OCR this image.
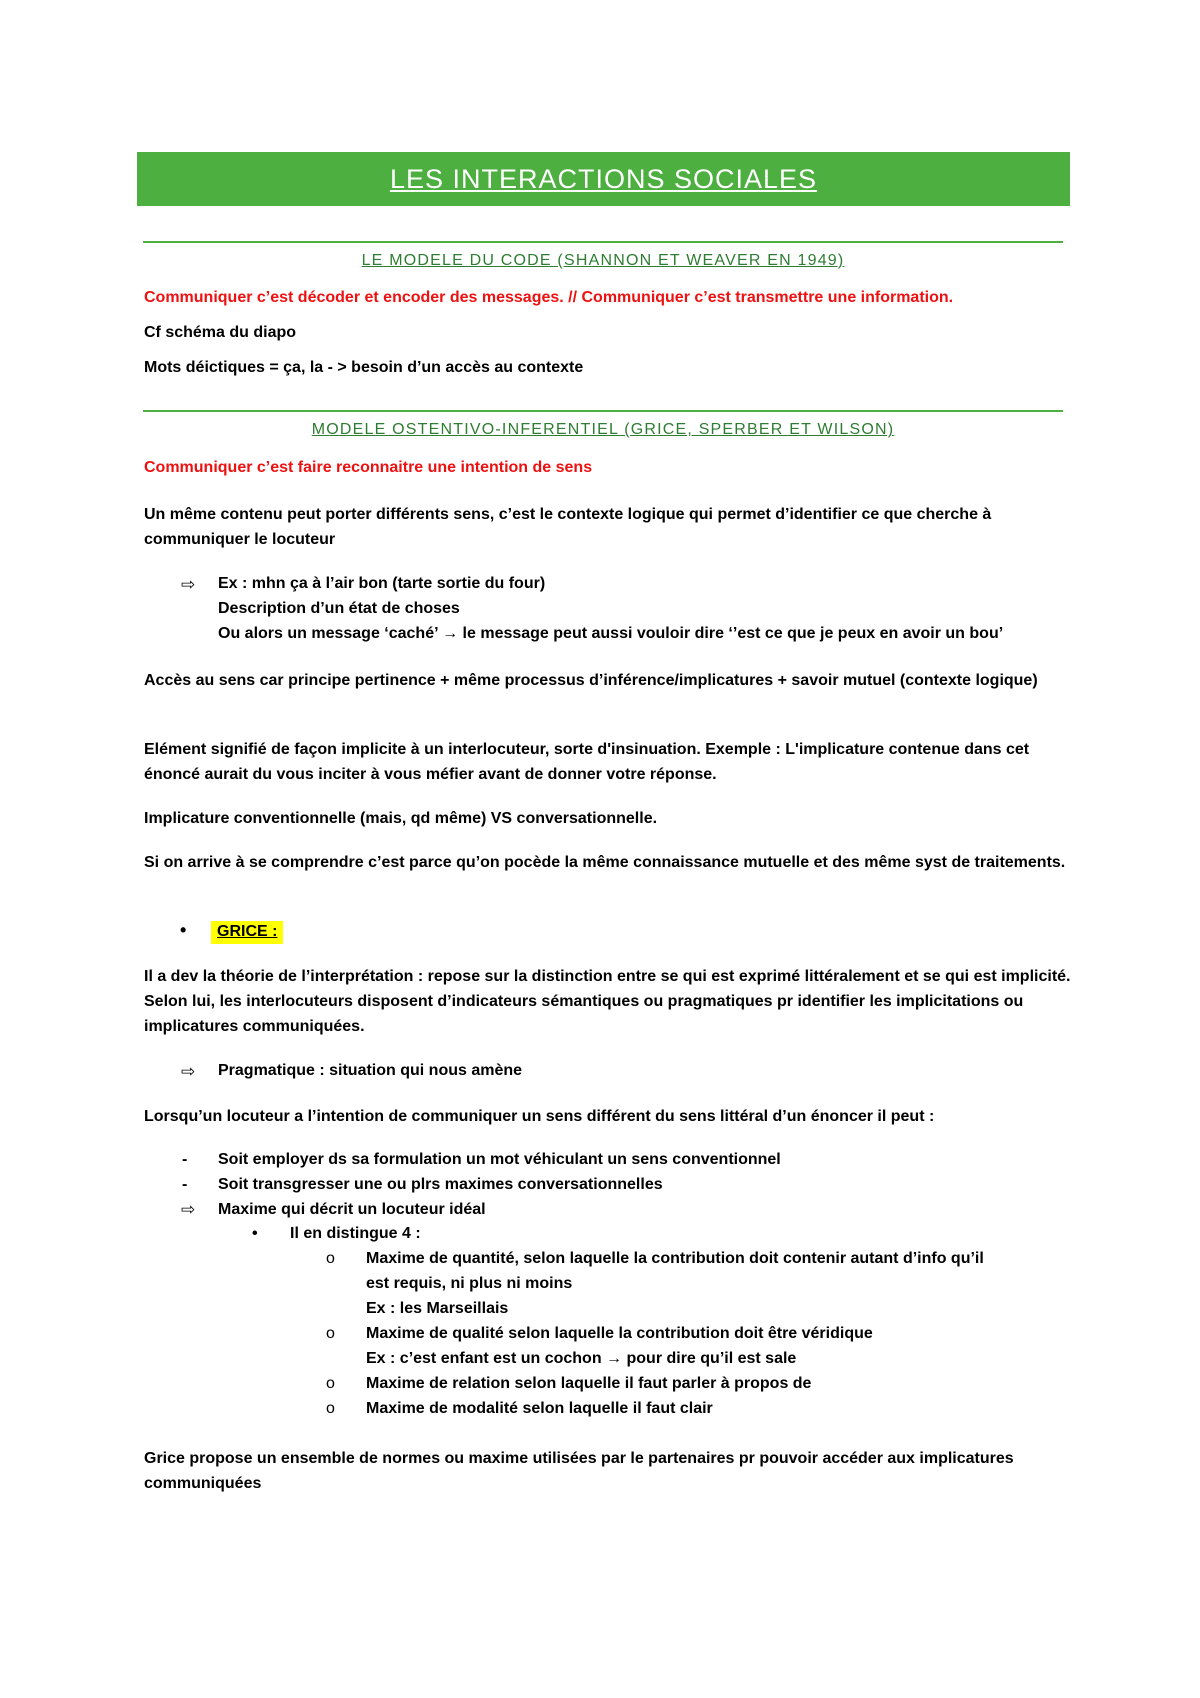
LES INTERACTIONS SOCIALES
LE MODELE DU CODE (SHANNON ET WEAVER EN 1949)
Communiquer c’est décoder et encoder des messages. // Communiquer c’est transmettre une information.
Cf schéma du diapo
Mots déictiques = ça, la - > besoin d’un accès au contexte
MODELE OSTENTIVO-INFERENTIEL (GRICE, SPERBER ET WILSON)
Communiquer c’est faire reconnaitre une intention de sens
Un même contenu peut porter différents sens, c’est le contexte logique qui permet d’identifier ce que cherche à communiquer le locuteur
⇨ Ex : mhn ça à l’air bon (tarte sortie du four)
Description d’un état de choses
Ou alors un message ‘caché’ → le message peut aussi vouloir dire ‘’est ce que je peux en avoir un bou’
Accès au sens car principe pertinence + même processus d’inférence/implicatures + savoir mutuel (contexte logique)
Elément signifié de façon implicite à un interlocuteur, sorte d'insinuation. Exemple : L'implicature contenue dans cet énoncé aurait du vous inciter à vous méfier avant de donner votre réponse.
Implicature conventionnelle (mais, qd même) VS conversationnelle.
Si on arrive à se comprendre c’est parce qu’on pocède la même connaissance mutuelle et des même syst de traitements.
•	GRICE :
Il a dev la théorie de l’interprétation : repose sur la distinction entre se qui est exprimé littéralement et se qui est implicité. Selon lui, les interlocuteurs disposent d’indicateurs sémantiques ou pragmatiques pr identifier les implicitations ou implicatures communiquées.
⇨ Pragmatique : situation qui nous amène
Lorsqu’un locuteur a l’intention de communiquer un sens différent du sens littéral d’un énoncer il peut :
- Soit employer ds sa formulation un mot véhiculant un sens conventionnel
- Soit transgresser une ou plrs maximes conversationnelles
⇨ Maxime qui décrit un locuteur idéal
• Il en distingue 4 :
o Maxime de quantité, selon laquelle la contribution doit contenir autant d’info qu’il
est requis, ni plus ni moins
Ex : les Marseillais
o Maxime de qualité selon laquelle la contribution doit être véridique
Ex : c’est enfant est un cochon → pour dire qu’il est sale
o Maxime de relation selon laquelle il faut parler à propos de
o Maxime de modalité selon laquelle il faut clair
Grice propose un ensemble de normes ou maxime utilisées par le partenaires pr pouvoir accéder aux implicatures communiquées
